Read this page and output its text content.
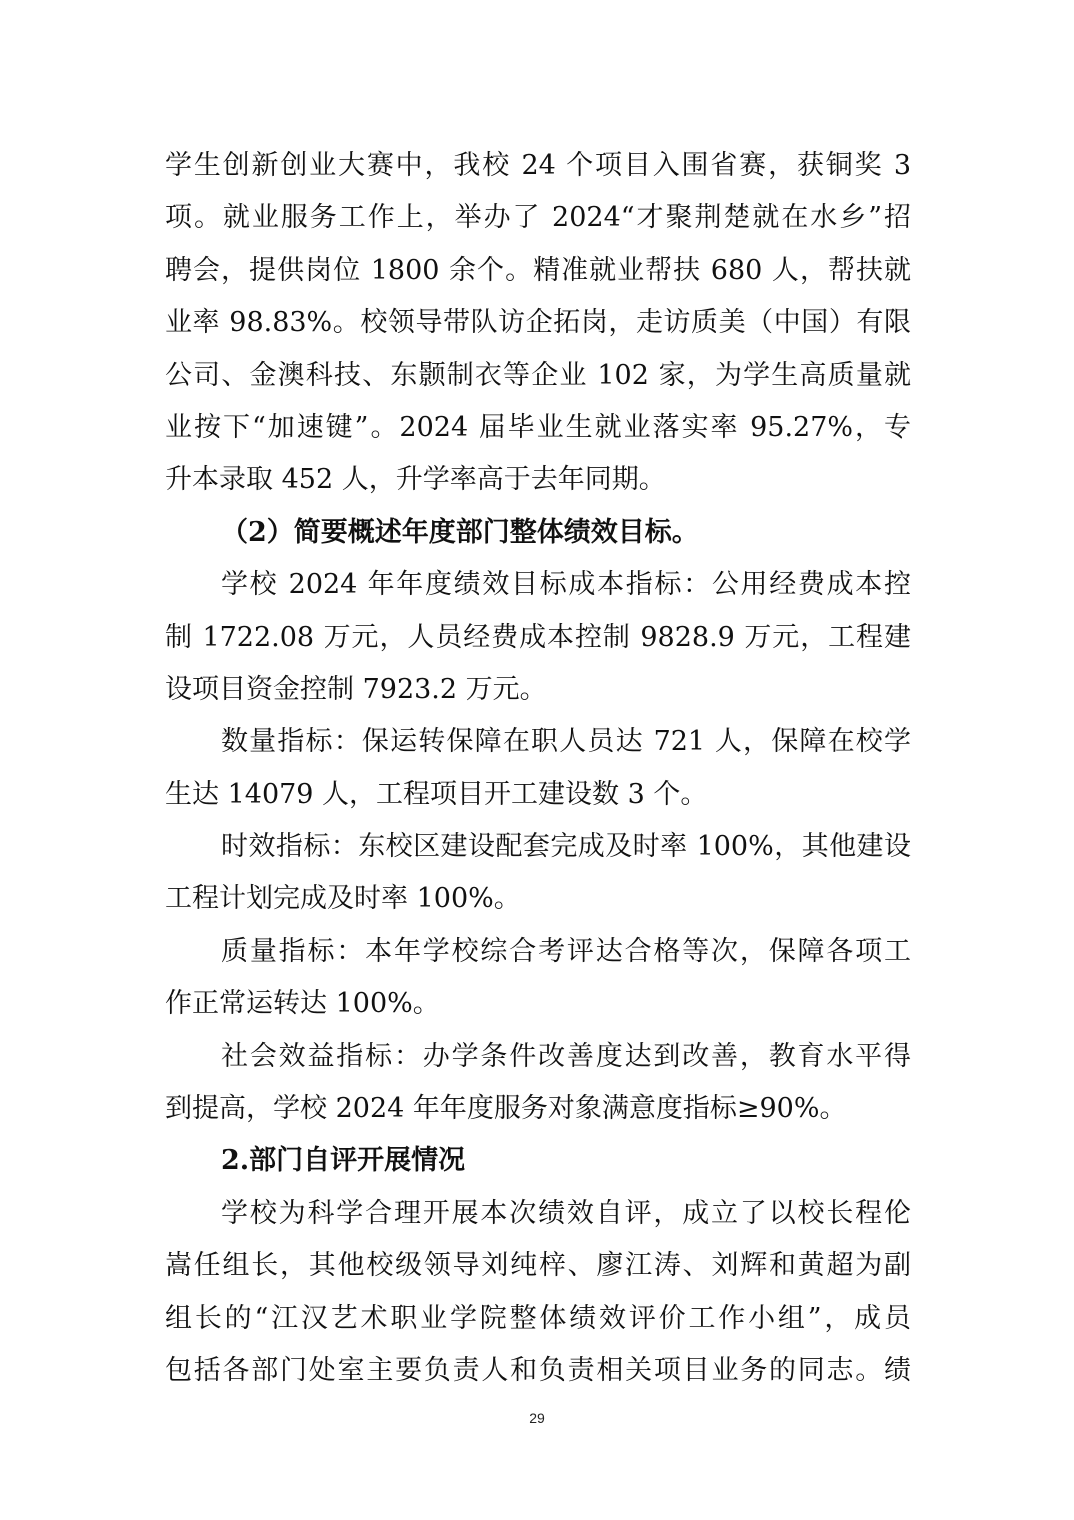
学生创新创业大赛中，我校 24 个项目入围省赛，获铜奖 3
项。就业服务工作上，举办了 2024“才聚荆楚就在水乡”招
聘会，提供岗位 1800 余个。精准就业帮扶 680 人，帮扶就
业率 98.83%。校领导带队访企拓岗，走访质美（中国）有限
公司、金澳科技、东颢制衣等企业 102 家，为学生高质量就
业按下“加速键”。2024 届毕业生就业落实率 95.27%，专
升本录取 452 人，升学率高于去年同期。
（2）简要概述年度部门整体绩效目标。
学校 2024 年年度绩效目标成本指标：公用经费成本控
制 1722.08 万元，人员经费成本控制 9828.9 万元，工程建
设项目资金控制 7923.2 万元。
数量指标：保运转保障在职人员达 721 人，保障在校学
生达 14079 人，工程项目开工建设数 3 个。
时效指标：东校区建设配套完成及时率 100%，其他建设
工程计划完成及时率 100%。
质量指标：本年学校综合考评达合格等次，保障各项工
作正常运转达 100%。
社会效益指标：办学条件改善度达到改善，教育水平得
到提高，学校 2024 年年度服务对象满意度指标≥90%。
2.部门自评开展情况
学校为科学合理开展本次绩效自评，成立了以校长程伦
嵩任组长，其他校级领导刘纯梓、廖江涛、刘辉和黄超为副
组长的“江汉艺术职业学院整体绩效评价工作小组”，成员
包括各部门处室主要负责人和负责相关项目业务的同志。绩
29
